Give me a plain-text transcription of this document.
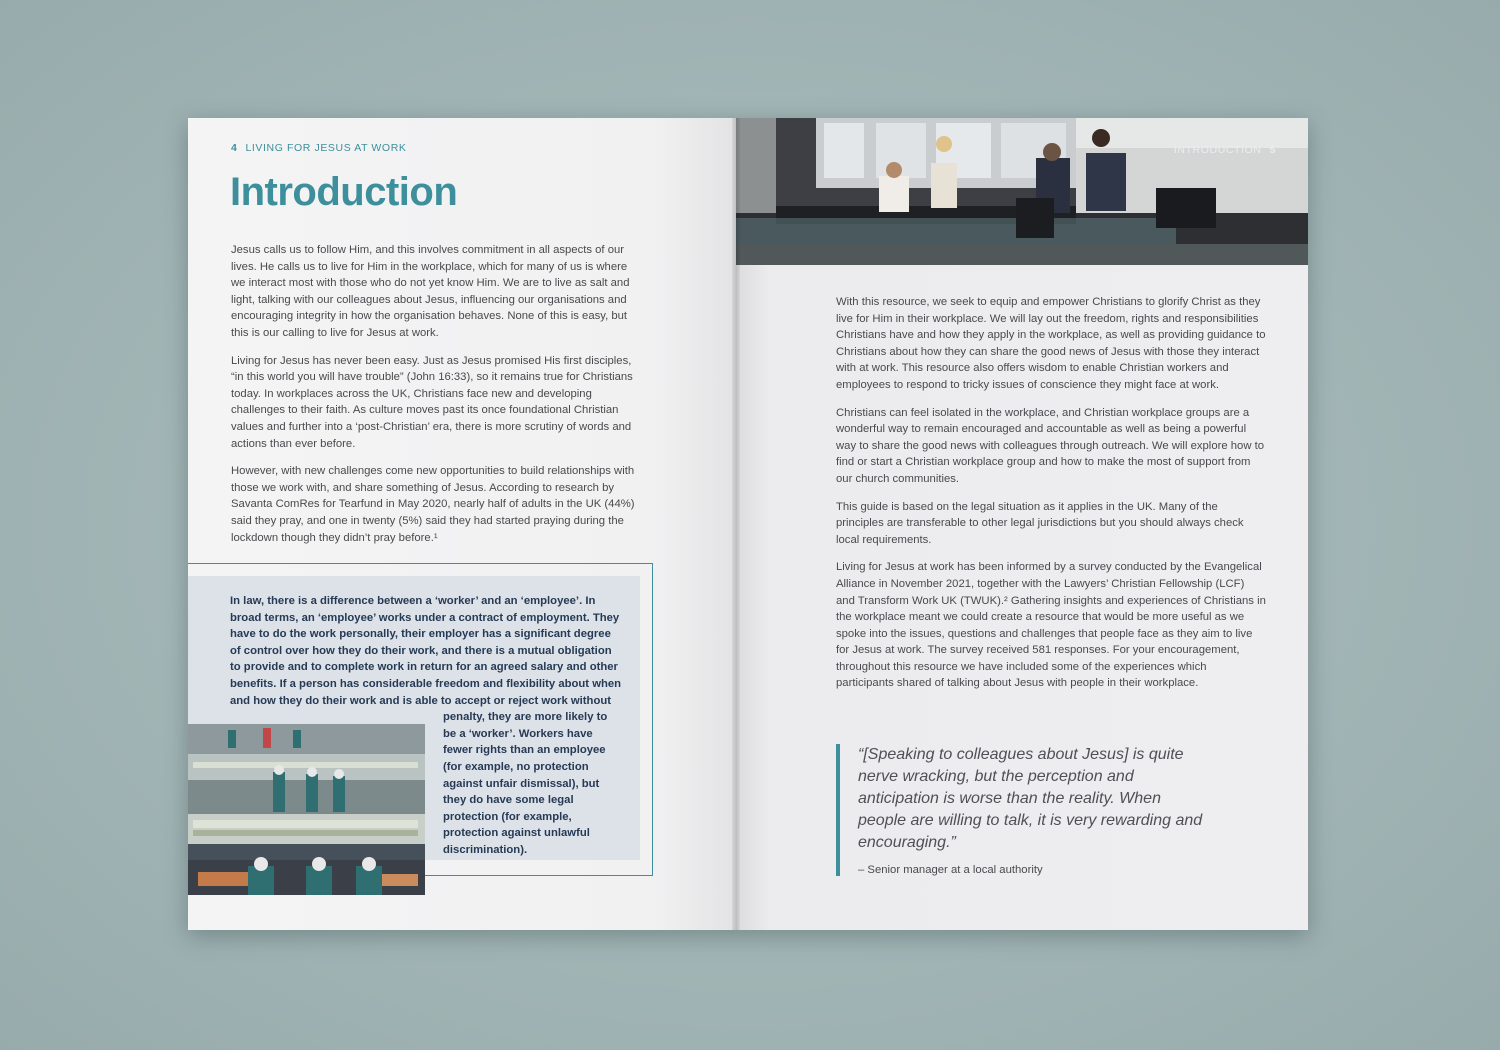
4 LIVING FOR JESUS AT WORK
Introduction

Jesus calls us to follow Him, and this involves commitment in all aspects of our lives. He calls us to live for Him in the workplace, which for many of us is where we interact most with those who do not yet know Him. We are to live as salt and light, talking with our colleagues about Jesus, influencing our organisations and encouraging integrity in how the organisation behaves. None of this is easy, but this is our calling to live for Jesus at work.

Living for Jesus has never been easy. Just as Jesus promised His first disciples, “in this world you will have trouble” (John 16:33), so it remains true for Christians today. In workplaces across the UK, Christians face new and developing challenges to their faith. As culture moves past its once foundational Christian values and further into a ‘post-Christian’ era, there is more scrutiny of words and actions than ever before.

However, with new challenges come new opportunities to build relationships with those we work with, and share something of Jesus. According to research by Savanta ComRes for Tearfund in May 2020, nearly half of adults in the UK (44%) said they pray, and one in twenty (5%) said they had started praying during the lockdown though they didn’t pray before.¹

In law, there is a difference between a ‘worker’ and an ‘employee’. In broad terms, an ‘employee’ works under a contract of employment. They have to do the work personally, their employer has a significant degree of control over how they do their work, and there is a mutual obligation to provide and to complete work in return for an agreed salary and other benefits. If a person has considerable freedom and flexibility about when and how they do their work and is able to accept or reject work without

penalty, they are more likely to be a ‘worker’. Workers have fewer rights than an employee (for example, no protection against unfair dismissal), but they do have some legal protection (for example, protection against unlawful discrimination).

INTRODUCTION 5

With this resource, we seek to equip and empower Christians to glorify Christ as they live for Him in their workplace. We will lay out the freedom, rights and responsibilities Christians have and how they apply in the workplace, as well as providing guidance to Christians about how they can share the good news of Jesus with those they interact with at work. This resource also offers wisdom to enable Christian workers and employees to respond to tricky issues of conscience they might face at work.

Christians can feel isolated in the workplace, and Christian workplace groups are a wonderful way to remain encouraged and accountable as well as being a powerful way to share the good news with colleagues through outreach. We will explore how to find or start a Christian workplace group and how to make the most of support from our church communities.

This guide is based on the legal situation as it applies in the UK. Many of the principles are transferable to other legal jurisdictions but you should always check local requirements.

Living for Jesus at work has been informed by a survey conducted by the Evangelical Alliance in November 2021, together with the Lawyers’ Christian Fellowship (LCF) and Transform Work UK (TWUK).² Gathering insights and experiences of Christians in the workplace meant we could create a resource that would be more useful as we spoke into the issues, questions and challenges that people face as they aim to live for Jesus at work. The survey received 581 responses. For your encouragement, throughout this resource we have included some of the experiences which participants shared of talking about Jesus with people in their workplace.

“[Speaking to colleagues about Jesus] is quite nerve wracking, but the perception and anticipation is worse than the reality. When people are willing to talk, it is very rewarding and encouraging.”

– Senior manager at a local authority
